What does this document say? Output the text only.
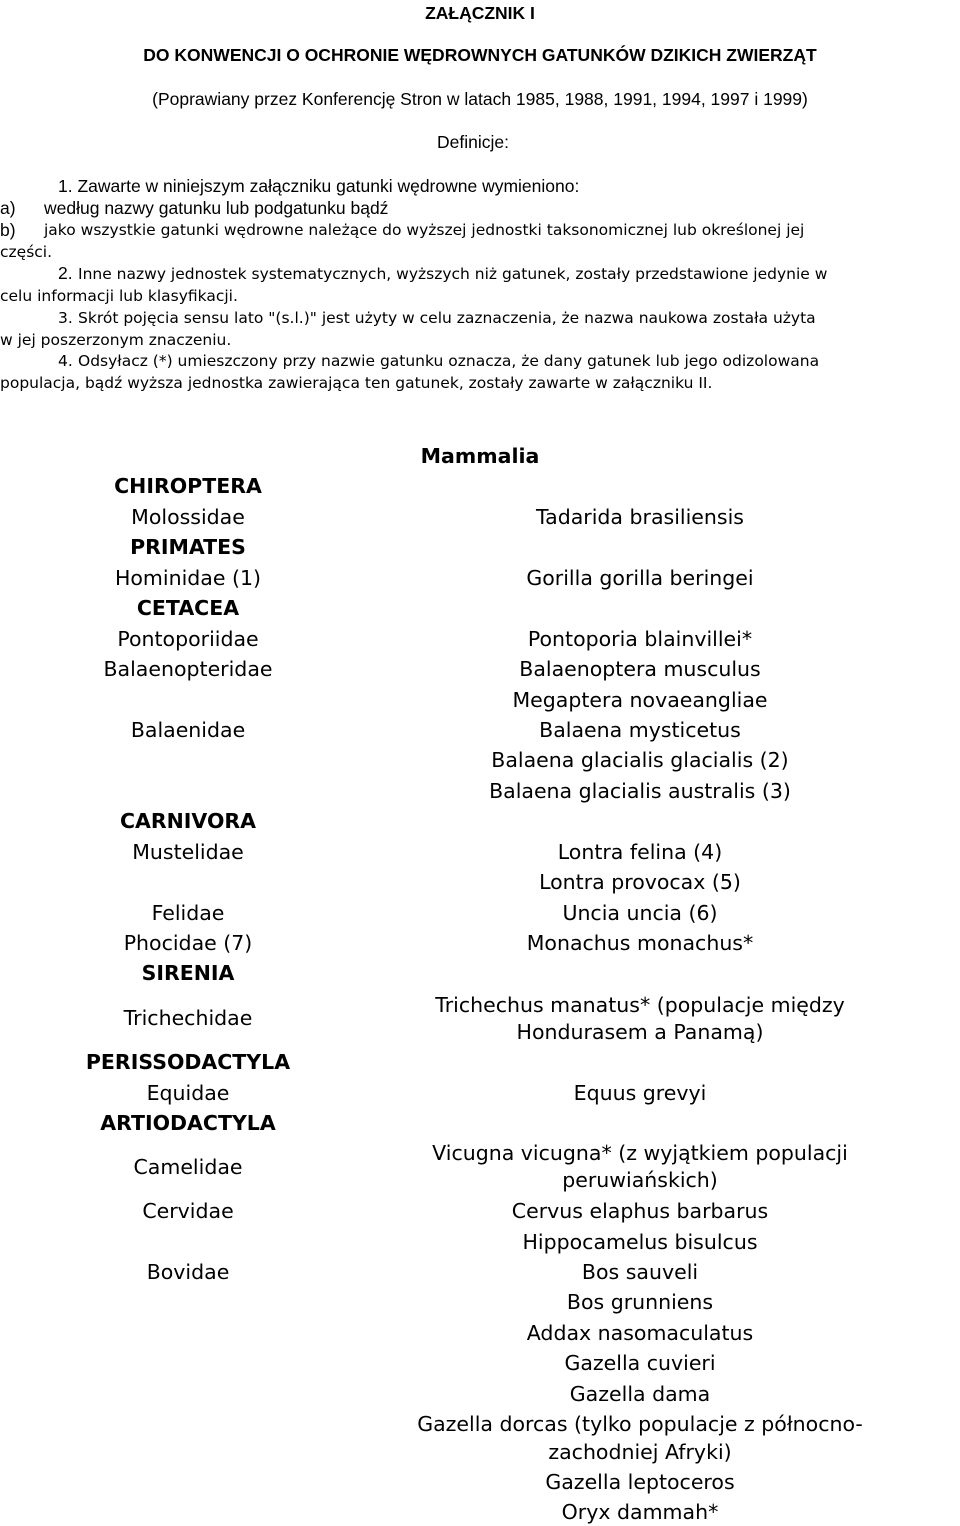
ZAŁĄCZNIK I
DO KONWENCJI O OCHRONIE WĘDROWNYCH GATUNKÓW DZIKICH ZWIERZĄT
(Poprawiany przez Konferencję Stron w latach 1985, 1988, 1991, 1994, 1997 i 1999)
Definicje:
1. Zawarte w niniejszym załączniku gatunki wędrowne wymieniono:
a)	według nazwy gatunku lub podgatunku bądź
b)	jako wszystkie gatunki wędrowne należące do wyższej jednostki taksonomicznej lub określonej jej
części.
2. Inne nazwy jednostek systematycznych, wyższych niż gatunek, zostały przedstawione jedynie w
celu informacji lub klasyfikacji.
3. Skrót pojęcia sensu lato "(s.l.)" jest użyty w celu zaznaczenia, że nazwa naukowa została użyta
w jej poszerzonym znaczeniu.
4. Odsyłacz (*) umieszczony przy nazwie gatunku oznacza, że dany gatunek lub jego odizolowana
populacja, bądź wyższa jednostka zawierająca ten gatunek, zostały zawarte w załączniku II.
Mammalia
CHIROPTERA
Molossidae
PRIMATES
Hominidae (1)
CETACEA
Pontoporiidae
Balaenopteridae
Balaenidae
CARNIVORA
Mustelidae
Felidae
Phocidae (7)
SIRENIA
Trichechidae
PERISSODACTYLA
Equidae
ARTIODACTYLA
Camelidae
Cervidae
Bovidae
Tadarida brasiliensis
Gorilla gorilla beringei
Pontoporia blainvillei*
Balaenoptera musculus
Megaptera novaeangliae
Balaena mysticetus
Balaena glacialis glacialis (2)
Balaena glacialis australis (3)
Lontra felina (4)
Lontra provocax (5)
Uncia uncia (6)
Monachus monachus*
Trichechus manatus* (populacje między
Hondurasem a Panamą)
Equus grevyi
Vicugna vicugna* (z wyjątkiem populacji
peruwiańskich)
Cervus elaphus barbarus
Hippocamelus bisulcus
Bos sauveli
Bos grunniens
Addax nasomaculatus
Gazella cuvieri
Gazella dama
Gazella dorcas (tylko populacje z północno-
zachodniej Afryki)
Gazella leptoceros
Oryx dammah*
